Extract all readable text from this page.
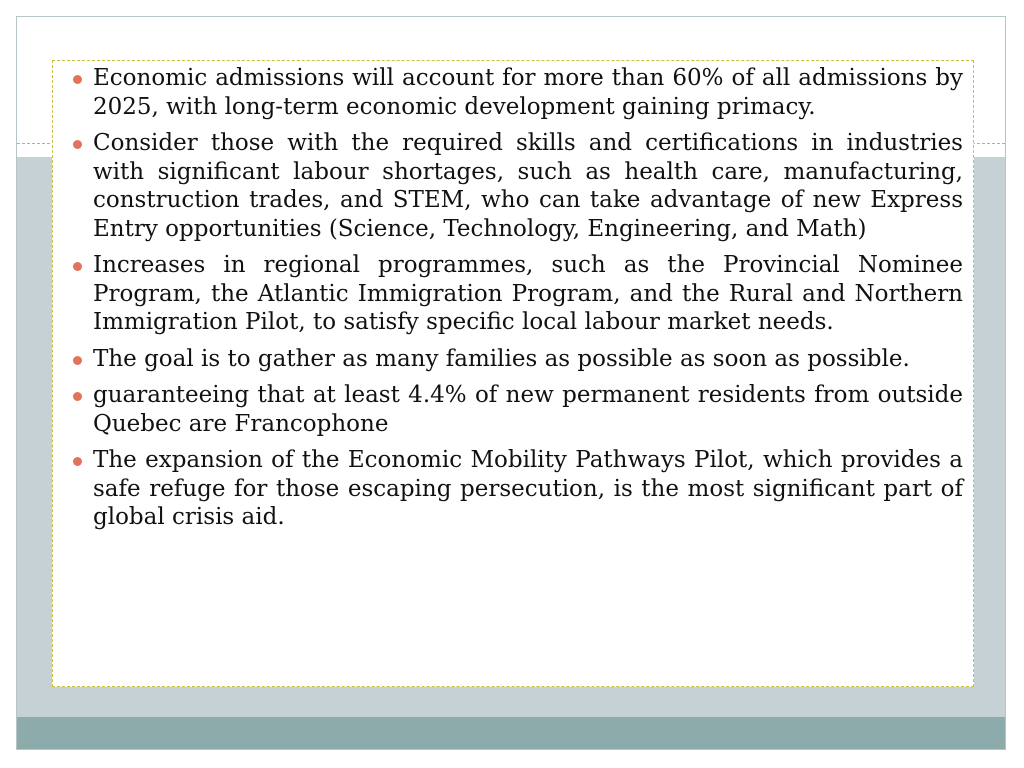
Economic admissions will account for more than 60% of all admissions by 2025, with long-term economic development gaining primacy.
Consider those with the required skills and certifications in industries with significant labour shortages, such as health care, manufacturing, construction trades, and STEM, who can take advantage of new Express Entry opportunities (Science, Technology, Engineering, and Math)
Increases in regional programmes, such as the Provincial Nominee Program, the Atlantic Immigration Program, and the Rural and Northern Immigration Pilot, to satisfy specific local labour market needs.
The goal is to gather as many families as possible as soon as possible.
guaranteeing that at least 4.4% of new permanent residents from outside Quebec are Francophone
The expansion of the Economic Mobility Pathways Pilot, which provides a safe refuge for those escaping persecution, is the most significant part of global crisis aid.
